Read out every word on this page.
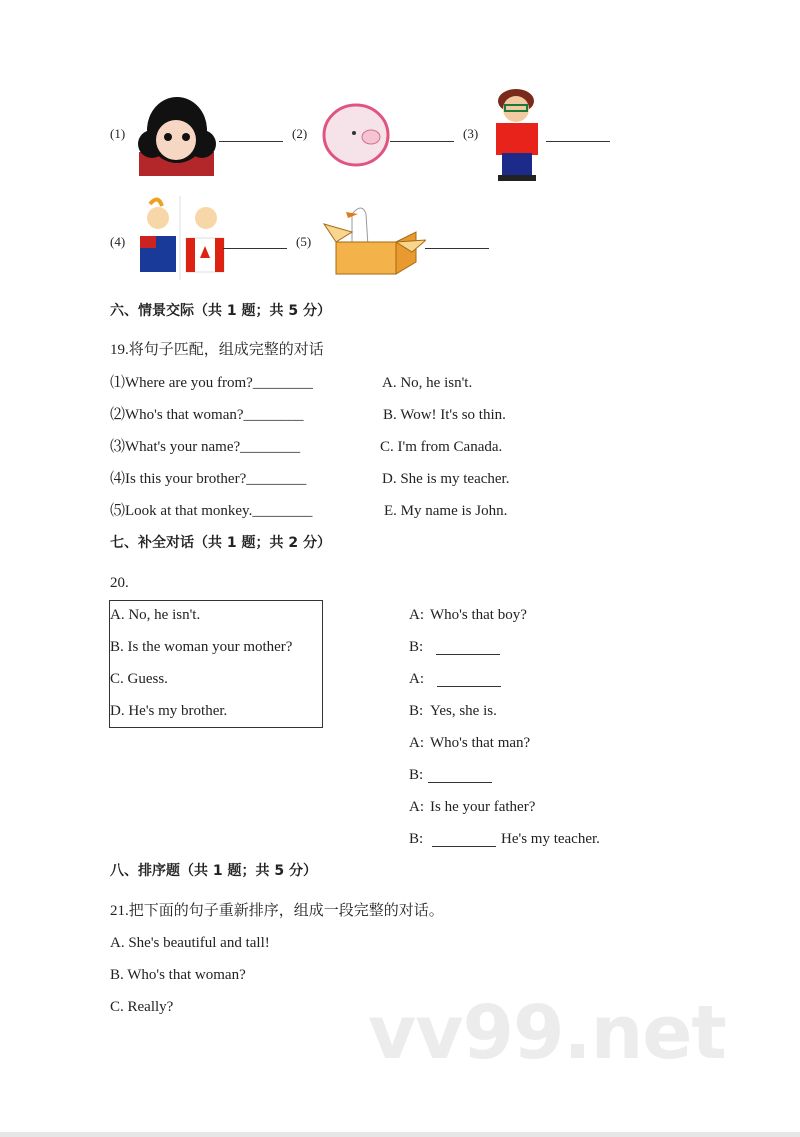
(1)	(2)	(3)
(4)	(5)
六、情景交际（共 1 题；共 5 分）
19.将句子匹配，组成完整的对话
⑴Where are you from?________
⑵Who's that woman?________
⑶What's your name?________
⑷Is this your brother?________
⑸Look at that monkey.________
A. No, he isn't.
B. Wow! It's so thin.
C. I'm from Canada.
D. She is my teacher.
E. My name is John.
七、补全对话（共 1 题；共 2 分）
20.
A. No, he isn't.
B. Is the woman your mother?
C. Guess.
D. He's my brother.
A: Who's that boy?
B:
A:
B: Yes, she is.
A: Who's that man?
B:
A: Is he your father?
B:	He's my teacher.
八、排序题（共 1 题；共 5 分）
21.把下面的句子重新排序，组成一段完整的对话。
A. She's beautiful and tall!
B. Who's that woman?
C. Really?	vv99.net
